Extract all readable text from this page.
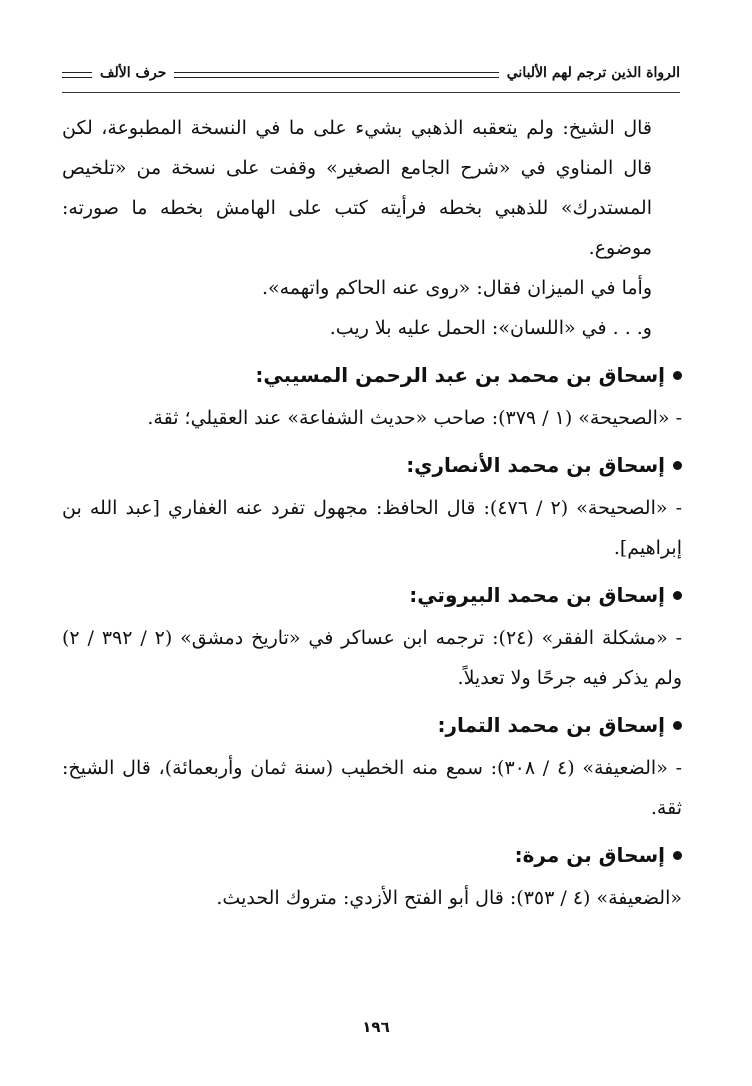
الرواة الذين ترجم لهم الألباني
حرف الألف

قال الشيخ: ولم يتعقبه الذهبي بشيء على ما في النسخة المطبوعة، لكن قال المناوي في «شرح الجامع الصغير» وقفت على نسخة من «تلخيص المستدرك» للذهبي بخطه فرأيته كتب على الهامش بخطه ما صورته: موضوع.

وأما في الميزان فقال: «روى عنه الحاكم واتهمه».

و. . . في «اللسان»: الحمل عليه بلا ريب.

إسحاق بن محمد بن عبد الرحمن المسيبي:

- «الصحيحة» (١ / ٣٧٩): صاحب «حديث الشفاعة» عند العقيلي؛ ثقة.

إسحاق بن محمد الأنصاري:

- «الصحيحة» (٢ / ٤٧٦): قال الحافظ: مجهول تفرد عنه الغفاري [عبد الله بن إبراهيم].

إسحاق بن محمد البيروتي:

- «مشكلة الفقر» (٢٤): ترجمه ابن عساكر في «تاريخ دمشق» (٢ / ٣٩٢ / ٢) ولم يذكر فيه جرحًا ولا تعديلاً.

إسحاق بن محمد التمار:

- «الضعيفة» (٤ / ٣٠٨): سمع منه الخطيب (سنة ثمان وأربعمائة)، قال الشيخ: ثقة.

إسحاق بن مرة:

«الضعيفة» (٤ / ٣٥٣): قال أبو الفتح الأزدي: متروك الحديث.

١٩٦
